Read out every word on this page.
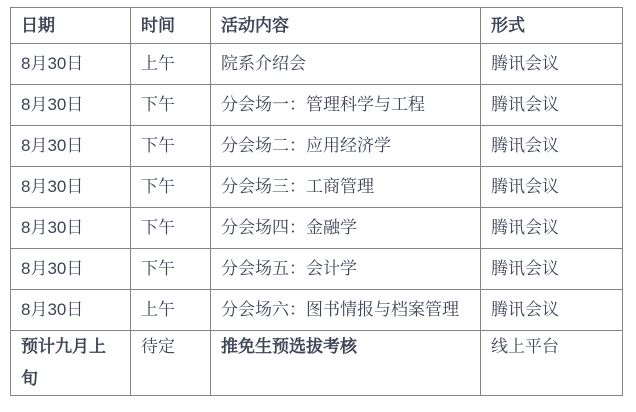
日期	时间	活动内容	形式
8月30日	上午	院系介绍会	腾讯会议
8月30日	下午	分会场一：管理科学与工程	腾讯会议
8月30日	下午	分会场二：应用经济学	腾讯会议
8月30日	下午	分会场三：工商管理	腾讯会议
8月30日	下午	分会场四：金融学	腾讯会议
8月30日	下午	分会场五：会计学	腾讯会议
8月30日	上午	分会场六：图书情报与档案管理	腾讯会议
预计九月上旬	待定	推免生预选拔考核	线上平台
